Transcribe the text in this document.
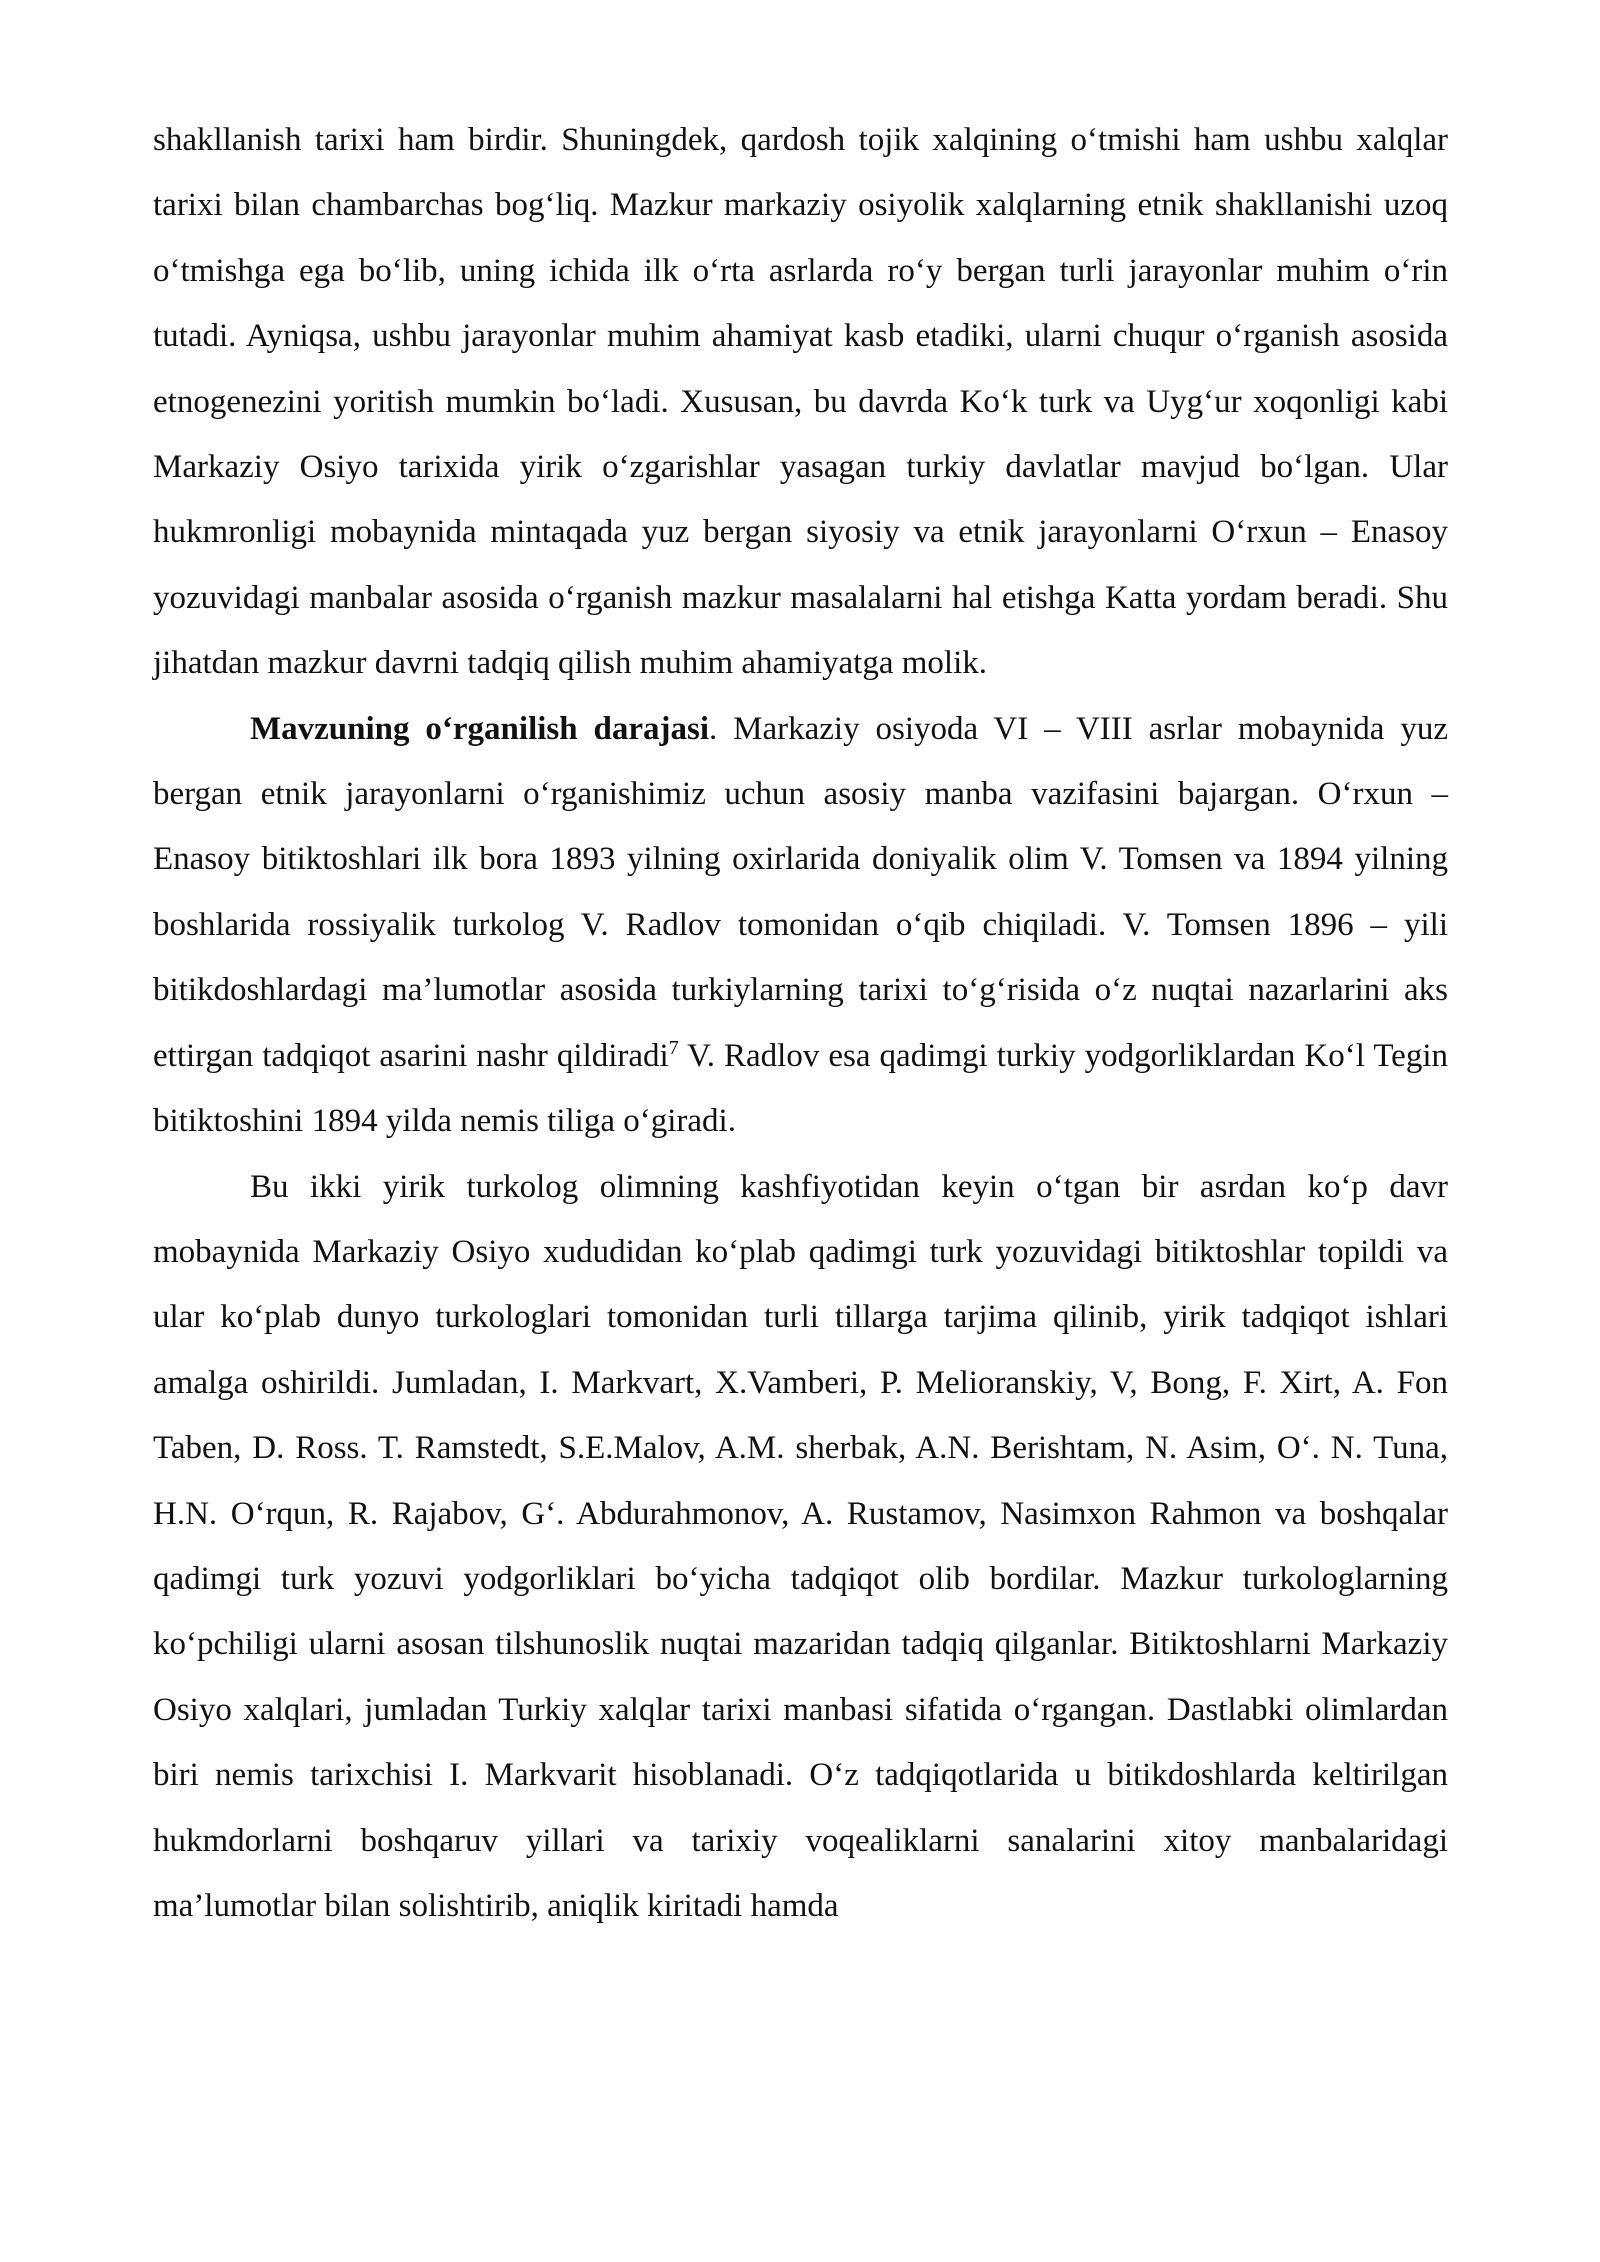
shakllanish tarixi ham birdir. Shuningdek, qardosh tojik xalqining o‘tmishi ham ushbu xalqlar tarixi bilan chambarchas bog‘liq. Mazkur markaziy osiyolik xalqlarning etnik shakllanishi uzoq o‘tmishga ega bo‘lib, uning ichida ilk o‘rta asrlarda ro‘y bergan turli jarayonlar muhim o‘rin tutadi. Ayniqsa, ushbu jarayonlar muhim ahamiyat kasb etadiki, ularni chuqur o‘rganish asosida etnogenezini yoritish mumkin bo‘ladi. Xususan, bu davrda Ko‘k turk va Uyg‘ur xoqonligi kabi Markaziy Osiyo tarixida yirik o‘zgarishlar yasagan turkiy davlatlar mavjud bo‘lgan. Ular hukmronligi mobaynida mintaqada yuz bergan siyosiy va etnik jarayonlarni O‘rxun – Enasoy yozuvidagi manbalar asosida o‘rganish mazkur masalalarni hal etishga Katta yordam beradi. Shu jihatdan mazkur davrni tadqiq qilish muhim ahamiyatga molik.

Mavzuning o‘rganilish darajasi. Markaziy osiyoda VI – VIII asrlar mobaynida yuz bergan etnik jarayonlarni o‘rganishimiz uchun asosiy manba vazifasini bajargan. O‘rxun – Enasoy bitiktoshlari ilk bora 1893 yilning oxirlarida doniyalik olim V. Tomsen va 1894 yilning boshlarida rossiyalik turkolog V. Radlov tomonidan o‘qib chiqiladi. V. Tomsen 1896 – yili bitikdoshlardagi ma’lumotlar asosida turkiylarning tarixi to‘g‘risida o‘z nuqtai nazarlarini aks ettirgan tadqiqot asarini nashr qildiradi$^7$ V. Radlov esa qadimgi turkiy yodgorliklardan Ko‘l Tegin bitiktoshini 1894 yilda nemis tiliga o‘giradi.

Bu ikki yirik turkolog olimning kashfiyotidan keyin o‘tgan bir asrdan ko‘p davr mobaynida Markaziy Osiyo xududidan ko‘plab qadimgi turk yozuvidagi bitiktoshlar topildi va ular ko‘plab dunyo turkologlari tomonidan turli tillarga tarjima qilinib, yirik tadqiqot ishlari amalga oshirildi. Jumladan, I. Markvart, X.Vamberi, P. Melioranskiy, V, Bong, F. Xirt, A. Fon Taben, D. Ross. T. Ramstedt, S.E.Malov, A.M. sherbak, A.N. Berishtam, N. Asim, O‘. N. Tuna, H.N. O‘rqun, R. Rajabov, G‘. Abdurahmonov, A. Rustamov, Nasimxon Rahmon va boshqalar qadimgi turk yozuvi yodgorliklari bo‘yicha tadqiqot olib bordilar. Mazkur turkologlarning ko‘pchiligi ularni asosan tilshunoslik nuqtai mazaridan tadqiq qilganlar. Bitiktoshlarni Markaziy Osiyo xalqlari, jumladan Turkiy xalqlar tarixi manbasi sifatida o‘rgangan. Dastlabki olimlardan biri nemis tarixchisi I. Markvarit hisoblanadi. O‘z tadqiqotlarida u bitikdoshlarda keltirilgan hukmdorlarni boshqaruv yillari va tarixiy voqealiklarni sanalarini xitoy manbalaridagi ma’lumotlar bilan solishtirib, aniqlik kiritadi hamda
